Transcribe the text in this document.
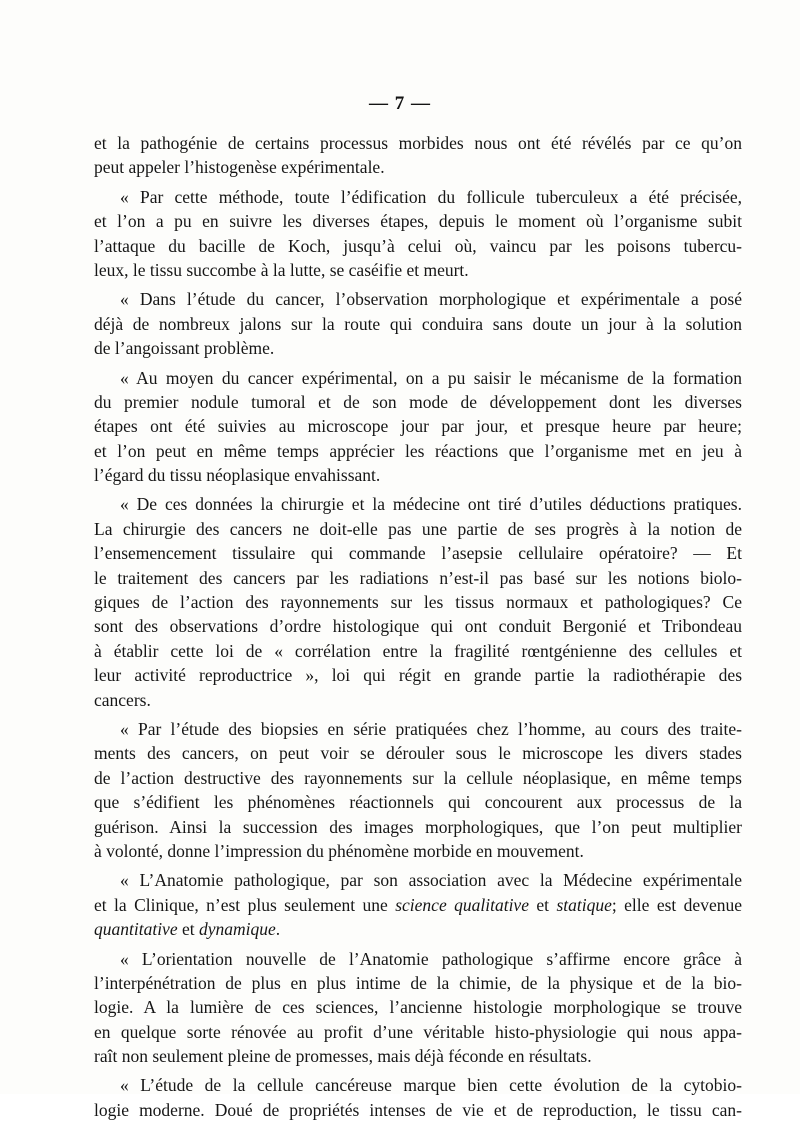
— 7 —
et la pathogénie de certains processus morbides nous ont été révélés par ce qu’on
peut appeler l’histogenèse expérimentale.
« Par cette méthode, toute l’édification du follicule tuberculeux a été précisée,
et l’on a pu en suivre les diverses étapes, depuis le moment où l’organisme subit
l’attaque du bacille de Koch, jusqu’à celui où, vaincu par les poisons tubercu-
leux, le tissu succombe à la lutte, se caséifie et meurt.
« Dans l’étude du cancer, l’observation morphologique et expérimentale a posé
déjà de nombreux jalons sur la route qui conduira sans doute un jour à la solution
de l’angoissant problème.
« Au moyen du cancer expérimental, on a pu saisir le mécanisme de la formation
du premier nodule tumoral et de son mode de développement dont les diverses
étapes ont été suivies au microscope jour par jour, et presque heure par heure;
et l’on peut en même temps apprécier les réactions que l’organisme met en jeu à
l’égard du tissu néoplasique envahissant.
« De ces données la chirurgie et la médecine ont tiré d’utiles déductions pratiques.
La chirurgie des cancers ne doit-elle pas une partie de ses progrès à la notion de
l’ensemencement tissulaire qui commande l’asepsie cellulaire opératoire? — Et
le traitement des cancers par les radiations n’est-il pas basé sur les notions biolo-
giques de l’action des rayonnements sur les tissus normaux et pathologiques? Ce
sont des observations d’ordre histologique qui ont conduit Bergonié et Tribondeau
à établir cette loi de « corrélation entre la fragilité rœntgénienne des cellules et
leur activité reproductrice », loi qui régit en grande partie la radiothérapie des
cancers.
« Par l’étude des biopsies en série pratiquées chez l’homme, au cours des traite-
ments des cancers, on peut voir se dérouler sous le microscope les divers stades
de l’action destructive des rayonnements sur la cellule néoplasique, en même temps
que s’édifient les phénomènes réactionnels qui concourent aux processus de la
guérison. Ainsi la succession des images morphologiques, que l’on peut multiplier
à volonté, donne l’impression du phénomène morbide en mouvement.
« L’Anatomie pathologique, par son association avec la Médecine expérimentale
et la Clinique, n’est plus seulement une science qualitative et statique; elle est devenue
quantitative et dynamique.
« L’orientation nouvelle de l’Anatomie pathologique s’affirme encore grâce à
l’interpénétration de plus en plus intime de la chimie, de la physique et de la bio-
logie. A la lumière de ces sciences, l’ancienne histologie morphologique se trouve
en quelque sorte rénovée au profit d’une véritable histo-physiologie qui nous appa-
raît non seulement pleine de promesses, mais déjà féconde en résultats.
« L’étude de la cellule cancéreuse marque bien cette évolution de la cytobio-
logie moderne. Doué de propriétés intenses de vie et de reproduction, le tissu can-
